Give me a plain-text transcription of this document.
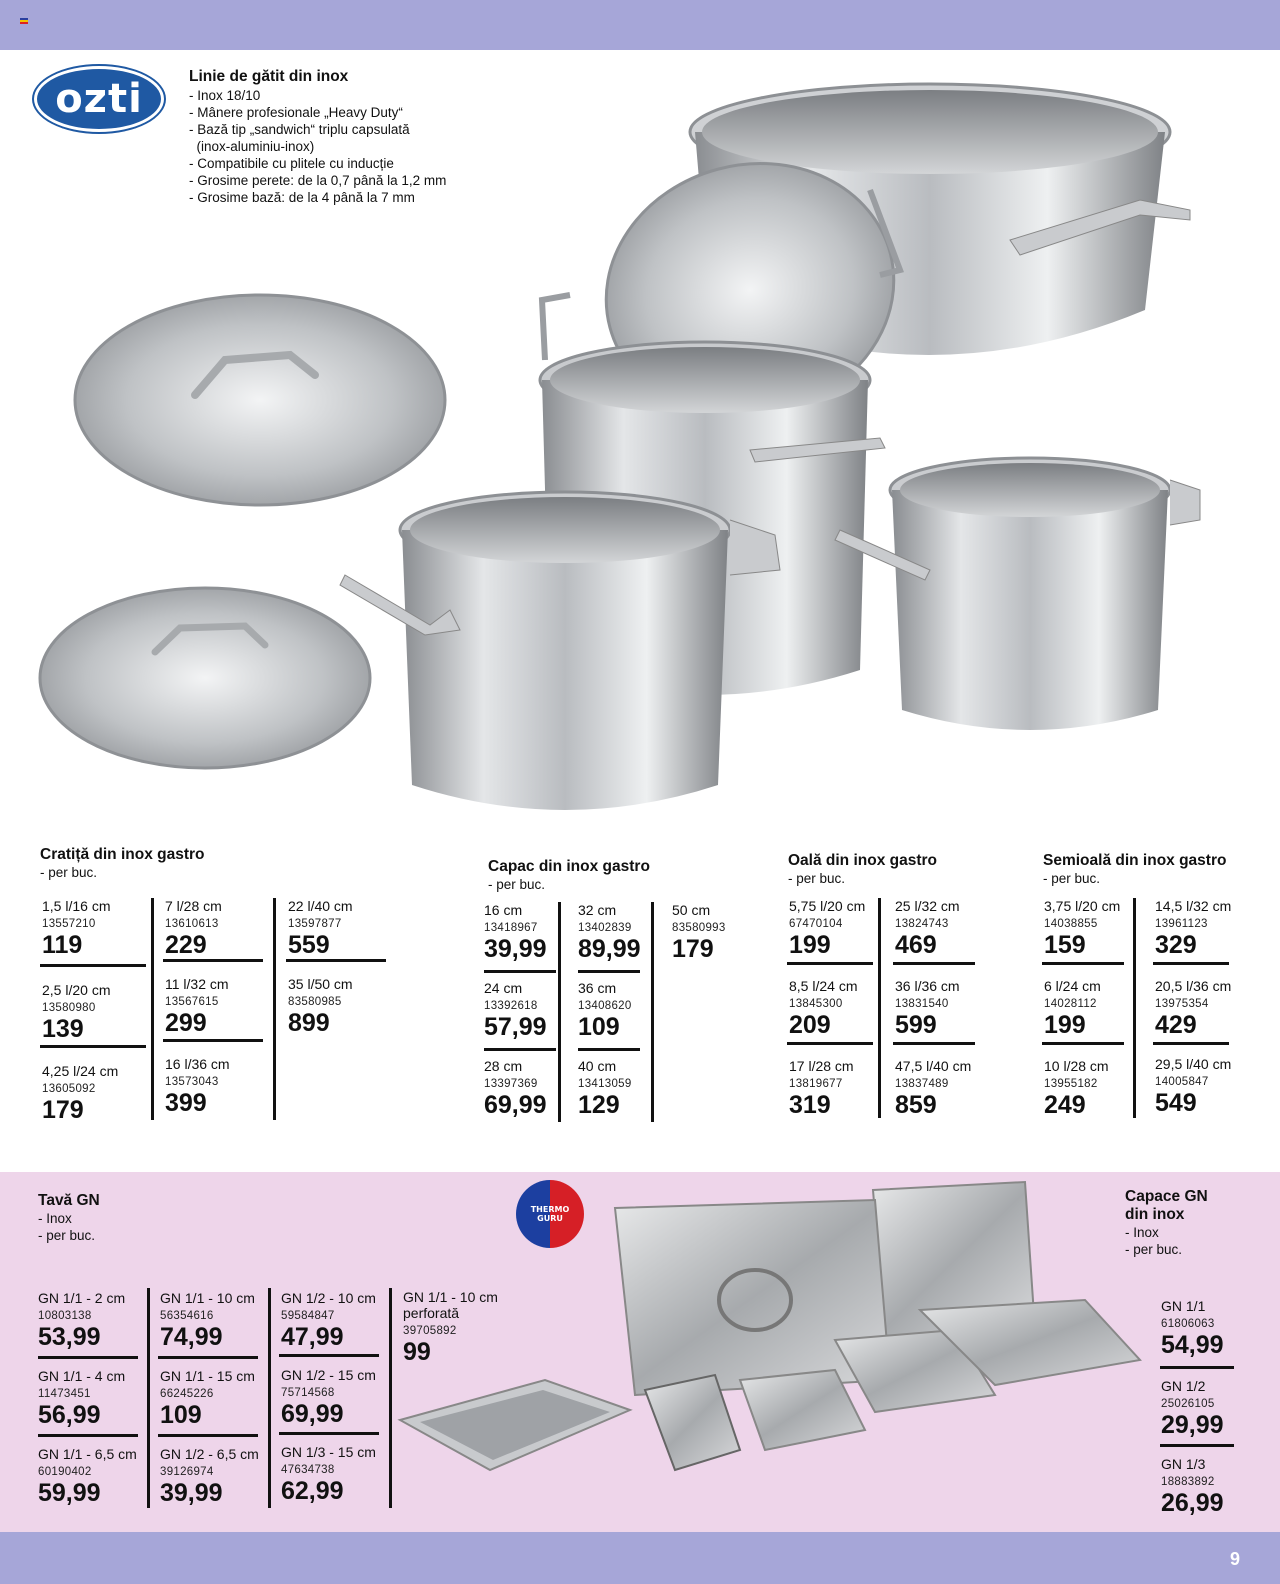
ozti	Linie de gătit din inox
- Inox 18/10
- Mânere profesionale „Heavy Duty“
- Bază tip „sandwich“ triplu capsulată
(inox-aluminiu-inox)
- Compatibile cu plitele cu inducție
- Grosime perete: de la 0,7 până la 1,2 mm
- Grosime bază: de la 4 până la 7 mm
Cratiță din inox gastro
- per buc.
1,5 l/16 cm
13557210
119
2,5 l/20 cm
13580980
139
4,25 l/24 cm
13605092
179
7 l/28 cm
13610613
229
11 l/32 cm
13567615
299
16 l/36 cm
13573043
399
22 l/40 cm
13597877
559
35 l/50 cm
83580985
899
Capac din inox gastro
- per buc.
16 cm
13418967
39,99
24 cm
13392618
57,99
28 cm
13397369
69,99
32 cm
13402839
89,99
36 cm
13408620
109
40 cm
13413059
129
50 cm
83580993
179
Oală din inox gastro
- per buc.
5,75 l/20 cm
67470104
199
8,5 l/24 cm
13845300
209
17 l/28 cm
13819677
319
25 l/32 cm
13824743
469
36 l/36 cm
13831540
599
47,5 l/40 cm
13837489
859
Semioală din inox gastro
- per buc.
3,75 l/20 cm
14038855
159
6 l/24 cm
14028112
199
10 l/28 cm
13955182
249
14,5 l/32 cm
13961123
329
20,5 l/36 cm
13975354
429
29,5 l/40 cm
14005847
549
Tavă GN
- Inox
- per buc.
THERMO
GURU
GN 1/1 - 2 cm
10803138
53,99
GN 1/1 - 4 cm
11473451
56,99
GN 1/1 - 6,5 cm
60190402
59,99
GN 1/1 - 10 cm
56354616
74,99
GN 1/1 - 15 cm
66245226
109
GN 1/2 - 6,5 cm
39126974
39,99
GN 1/2 - 10 cm
59584847
47,99
GN 1/2 - 15 cm
75714568
69,99
GN 1/3 - 15 cm
47634738
62,99
GN 1/1 - 10 cm
perforată
39705892
99
Capace GN
din inox
- Inox
- per buc.
GN 1/1
61806063
54,99
GN 1/2
25026105
29,99
GN 1/3
18883892
26,99
9
